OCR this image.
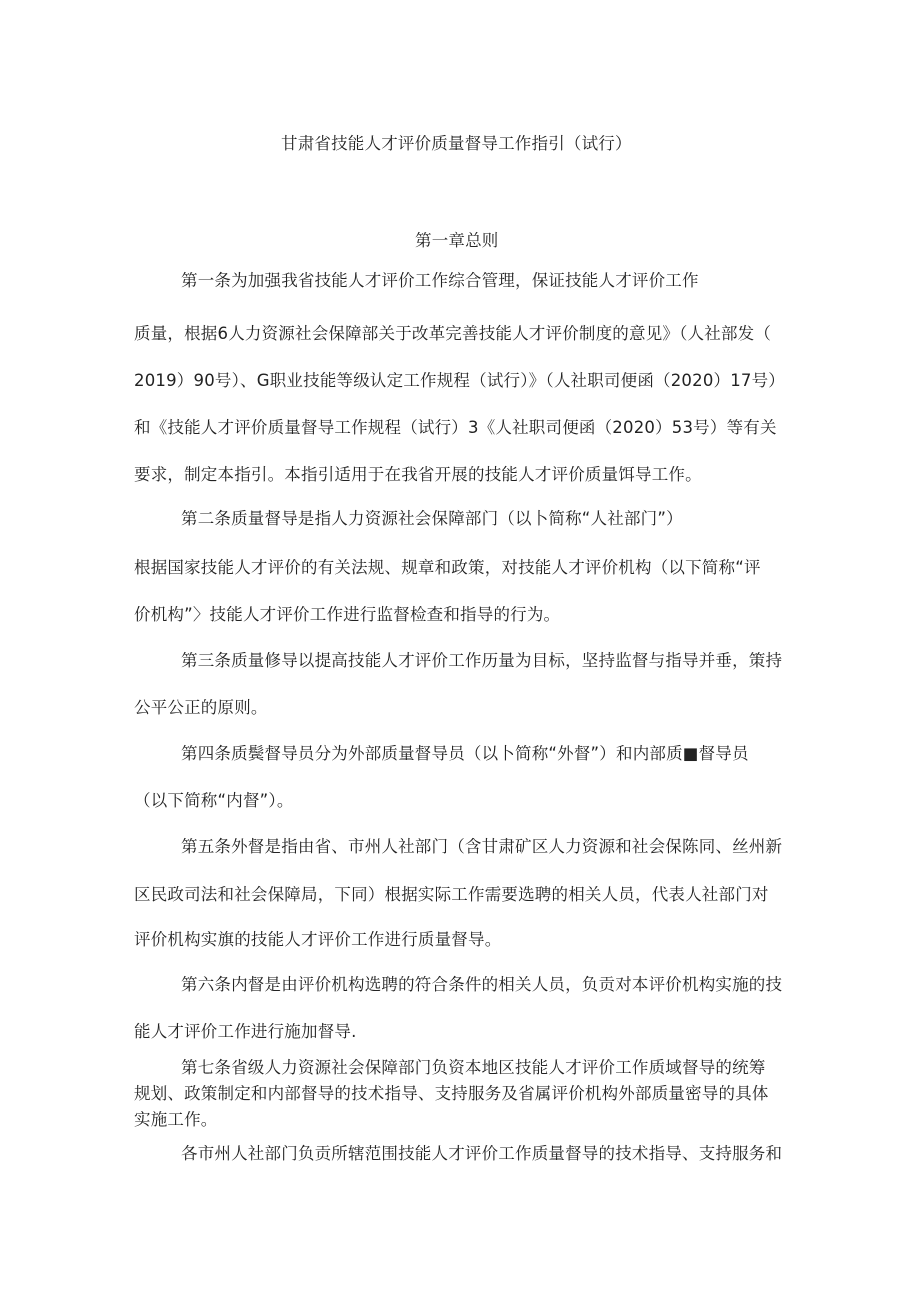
甘肃省技能人才评价质量督导工作指引（试行）
第一章总则
第一条为加强我省技能人才评价工作综合管理，保证技能人才评价工作
质量，根据6人力资源社会保障部关于改革完善技能人才评价制度的意见》（人社部发（
2019）90号）、G职业技能等级认定工作规程（试行）》（人社职司便函（2020）17号）
和《技能人才评价质量督导工作规程（试行）3《人社职司便函（2020）53号）等有关
要求，制定本指引。本指引适用于在我省开展的技能人才评价质量饵导工作。
第二条质量督导是指人力资源社会保障部门（以卜简称“人社部门”）
根据国家技能人才评价的有关法规、规章和政策，对技能人才评价机构（以下简称“评
价机构”〉技能人才评价工作进行监督检查和指导的行为。
第三条质量修导以提高技能人才评价工作历量为目标，坚持监督与指导并垂，策持
公平公正的原则。
第四条质鬓督导员分为外部质量督导员（以卜简称“外督”）和内部质■督导员
（以下简称“内督”）。
第五条外督是指由省、市州人社部门（含甘肃矿区人力资源和社会保陈同、丝州新
区民政司法和社会保障局，下同）根据实际工作需要选聘的相关人员，代表人社部门对
评价机构实旗的技能人才评价工作进行质量督导。
第六条内督是由评价机构选聘的符合条件的相关人员，负贡对本评价机构实施的技
能人才评价工作进行施加督导.
第七条省级人力资源社会保障部门负资本地区技能人才评价工作质域督导的统筹
规划、政策制定和内部督导的技术指导、支持服务及省属评价机构外部质量密导的具体
实施工作。
各市州人社部门负贡所辖范围技能人才评价工作质量督导的技术指导、支持服务和
